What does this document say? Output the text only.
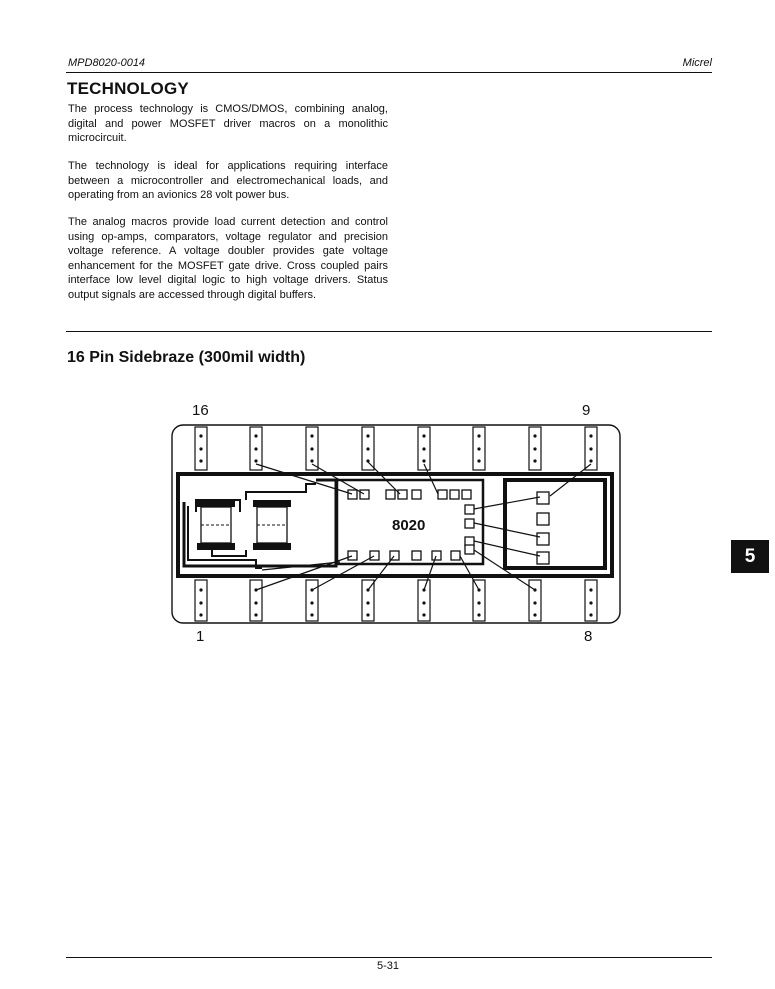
MPD8020-0014	Micrel
TECHNOLOGY

The process technology is CMOS/DMOS, combining analog, digital and power MOSFET driver macros on a monolithic microcircuit.

The technology is ideal for applications requiring interface between a microcontroller and electromechanical loads, and operating from an avionics 28 volt power bus.

The analog macros provide load current detection and control using op-amps, comparators, voltage regulator and precision voltage reference. A voltage doubler provides gate voltage enhancement for the MOSFET gate drive. Cross coupled pairs interface low level digital logic to high voltage drivers. Status output signals are accessed through digital buffers.

16 Pin Sidebraze (300mil width)
16	9
1	8
5
8020
5-31
